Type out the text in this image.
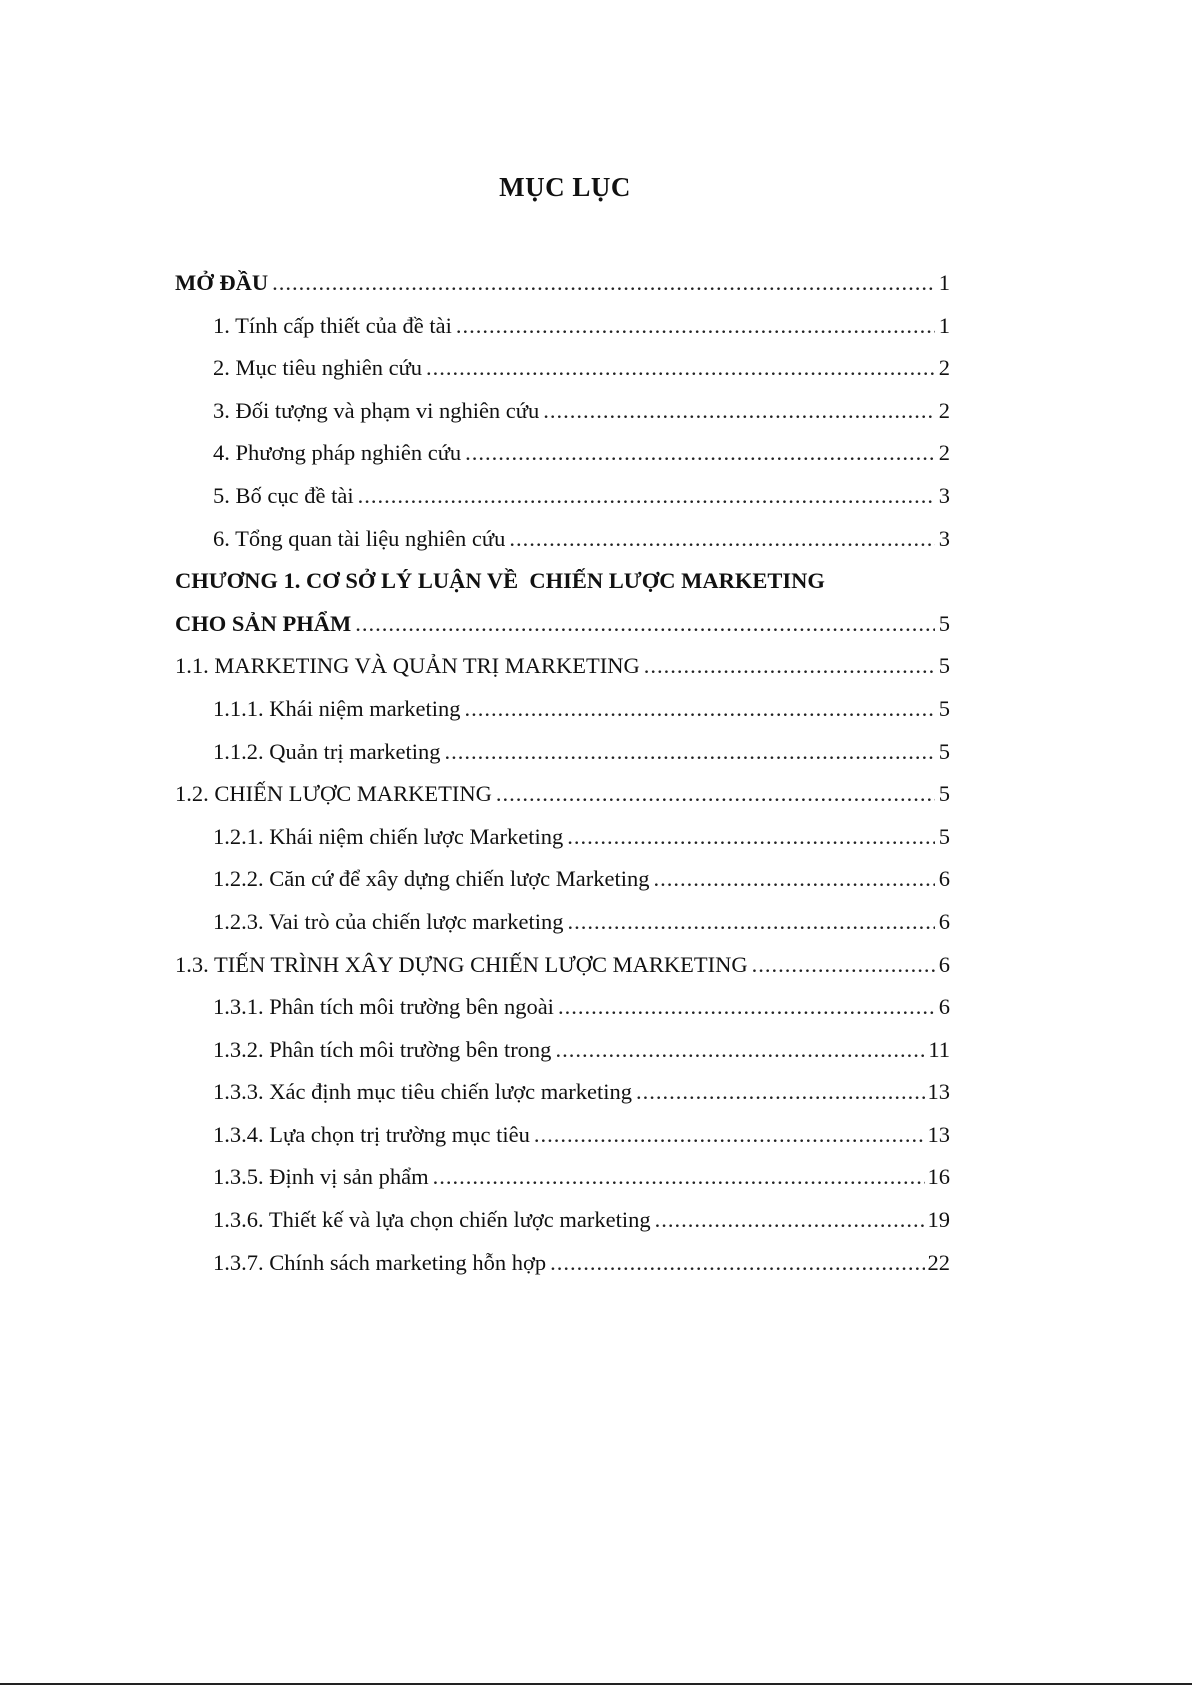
MỤC LỤC
MỞ ĐẦU .....	1
1. Tính cấp thiết của đề tài .....	1
2. Mục tiêu nghiên cứu .....	2
3. Đối tượng và phạm vi nghiên cứu .....	2
4. Phương pháp nghiên cứu .....	2
5. Bố cục đề tài .....	3
6. Tổng quan tài liệu nghiên cứu .....	3
CHƯƠNG 1. CƠ SỞ LÝ LUẬN VỀ  CHIẾN LƯỢC MARKETING
CHO SẢN PHẨM .....	5
1.1. MARKETING VÀ QUẢN TRỊ MARKETING .....	5
1.1.1. Khái niệm marketing .....	5
1.1.2. Quản trị marketing .....	5
1.2. CHIẾN LƯỢC MARKETING .....	5
1.2.1. Khái niệm chiến lược Marketing .....	5
1.2.2. Căn cứ để xây dựng chiến lược Marketing .....	6
1.2.3. Vai trò của chiến lược marketing .....	6
1.3. TIẾN TRÌNH XÂY DỰNG CHIẾN LƯỢC MARKETING .....	6
1.3.1. Phân tích môi trường bên ngoài .....	6
1.3.2. Phân tích môi trường bên trong .....	11
1.3.3. Xác định mục tiêu chiến lược marketing .....	13
1.3.4. Lựa chọn trị trường mục tiêu .....	13
1.3.5. Định vị sản phẩm .....	16
1.3.6. Thiết kế và lựa chọn chiến lược marketing .....	19
1.3.7. Chính sách marketing hỗn hợp .....	22
